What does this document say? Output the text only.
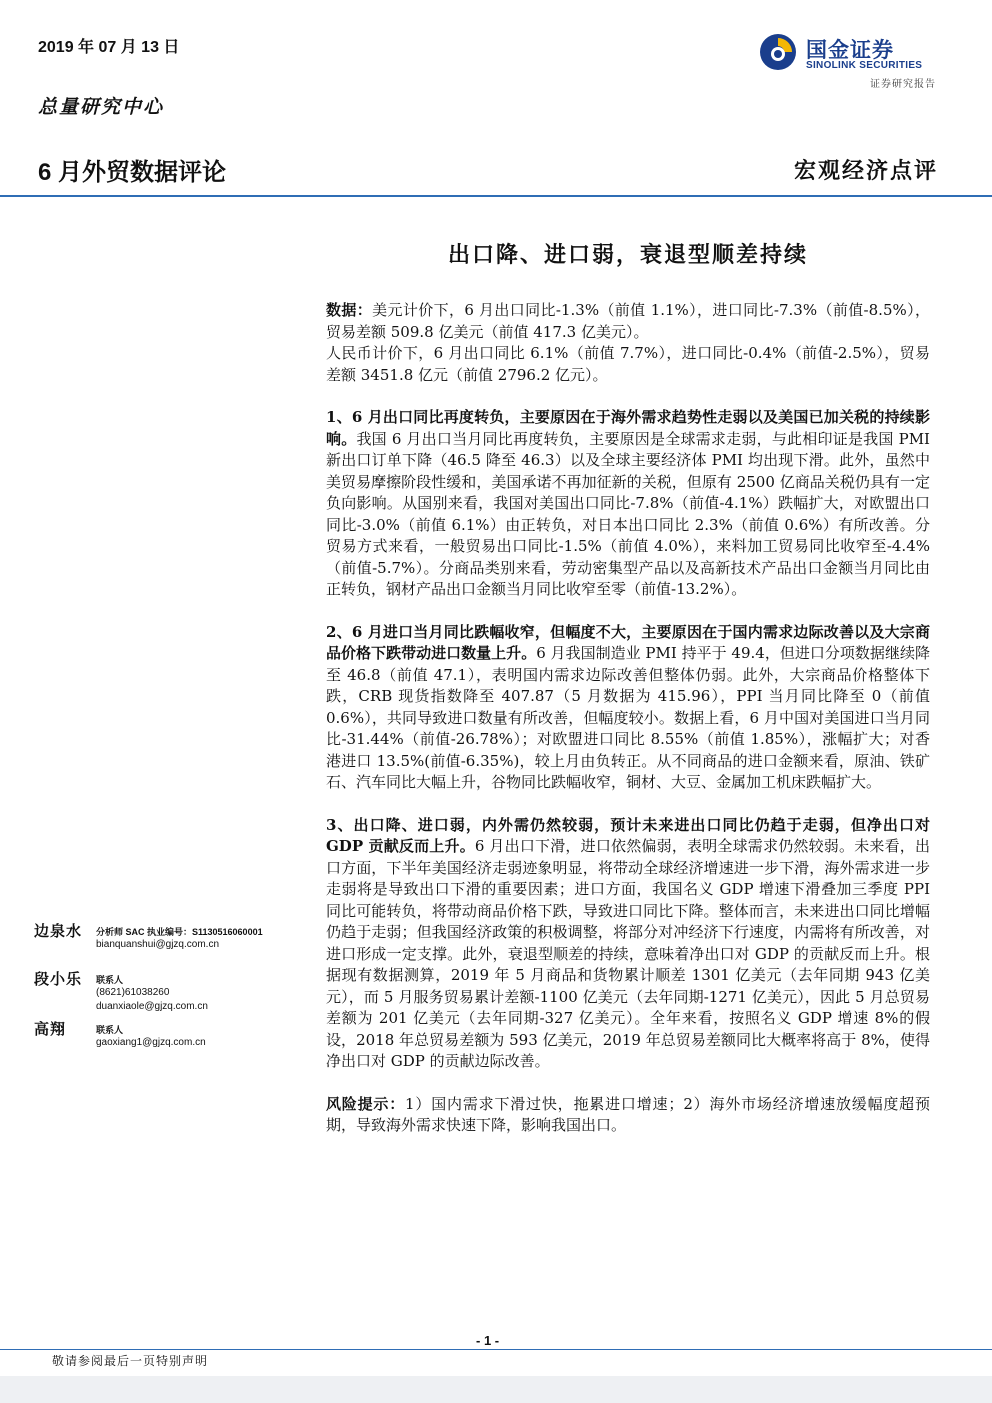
2019 年 07 月 13 日
总量研究中心
国金证券
SINOLINK SECURITIES
证券研究报告
6 月外贸数据评论	宏观经济点评
出口降、进口弱，衰退型顺差持续

数据：美元计价下，6 月出口同比-1.3%（前值 1.1%），进口同比-7.3%（前值-8.5%），贸易差额 509.8 亿美元（前值 417.3 亿美元）。

人民币计价下，6 月出口同比 6.1%（前值 7.7%），进口同比-0.4%（前值-2.5%），贸易差额 3451.8 亿元（前值 2796.2 亿元）。

1、6 月出口同比再度转负，主要原因在于海外需求趋势性走弱以及美国已加关税的持续影响。我国 6 月出口当月同比再度转负，主要原因是全球需求走弱，与此相印证是我国 PMI 新出口订单下降（46.5 降至 46.3）以及全球主要经济体 PMI 均出现下滑。此外，虽然中美贸易摩擦阶段性缓和，美国承诺不再加征新的关税，但原有 2500 亿商品关税仍具有一定负向影响。从国别来看，我国对美国出口同比-7.8%（前值-4.1%）跌幅扩大，对欧盟出口同比-3.0%（前值 6.1%）由正转负，对日本出口同比 2.3%（前值 0.6%）有所改善。分贸易方式来看，一般贸易出口同比-1.5%（前值 4.0%），来料加工贸易同比收窄至-4.4%（前值-5.7%）。分商品类别来看，劳动密集型产品以及高新技术产品出口金额当月同比由正转负，钢材产品出口金额当月同比收窄至零（前值-13.2%）。

2、6 月进口当月同比跌幅收窄，但幅度不大，主要原因在于国内需求边际改善以及大宗商品价格下跌带动进口数量上升。6 月我国制造业 PMI 持平于 49.4，但进口分项数据继续降至 46.8（前值 47.1），表明国内需求边际改善但整体仍弱。此外，大宗商品价格整体下跌，CRB 现货指数降至 407.87（5 月数据为 415.96），PPI 当月同比降至 0（前值 0.6%），共同导致进口数量有所改善，但幅度较小。数据上看，6 月中国对美国进口当月同比-31.44%（前值-26.78%）；对欧盟进口同比 8.55%（前值 1.85%），涨幅扩大；对香港进口 13.5%(前值-6.35%)，较上月由负转正。从不同商品的进口金额来看，原油、铁矿石、汽车同比大幅上升，谷物同比跌幅收窄，铜材、大豆、金属加工机床跌幅扩大。

3、出口降、进口弱，内外需仍然较弱，预计未来进出口同比仍趋于走弱，但净出口对 GDP 贡献反而上升。6 月出口下滑，进口依然偏弱，表明全球需求仍然较弱。未来看，出口方面，下半年美国经济走弱迹象明显，将带动全球经济增速进一步下滑，海外需求进一步走弱将是导致出口下滑的重要因素；进口方面，我国名义 GDP 增速下滑叠加三季度 PPI 同比可能转负，将带动商品价格下跌，导致进口同比下降。整体而言，未来进出口同比增幅仍趋于走弱；但我国经济政策的积极调整，将部分对冲经济下行速度，内需将有所改善，对进口形成一定支撑。此外，衰退型顺差的持续，意味着净出口对 GDP 的贡献反而上升。根据现有数据测算，2019 年 5 月商品和货物累计顺差 1301 亿美元（去年同期 943 亿美元），而 5 月服务贸易累计差额-1100 亿美元（去年同期-1271 亿美元），因此 5 月总贸易差额为 201 亿美元（去年同期-327 亿美元）。全年来看，按照名义 GDP 增速 8%的假设，2018 年总贸易差额为 593 亿美元，2019 年总贸易差额同比大概率将高于 8%，使得净出口对 GDP 的贡献边际改善。

风险提示：1）国内需求下滑过快，拖累进口增速；2）海外市场经济增速放缓幅度超预期，导致海外需求快速下降，影响我国出口。

边泉水 分析师 SAC 执业编号：S1130516060001
bianquanshui@gjzq.com.cn
段小乐 联系人
(8621)61038260
duanxiaole@gjzq.com.cn
高翔	联系人
gaoxiang1@gjzq.com.cn
- 1 -
敬请参阅最后一页特别声明
